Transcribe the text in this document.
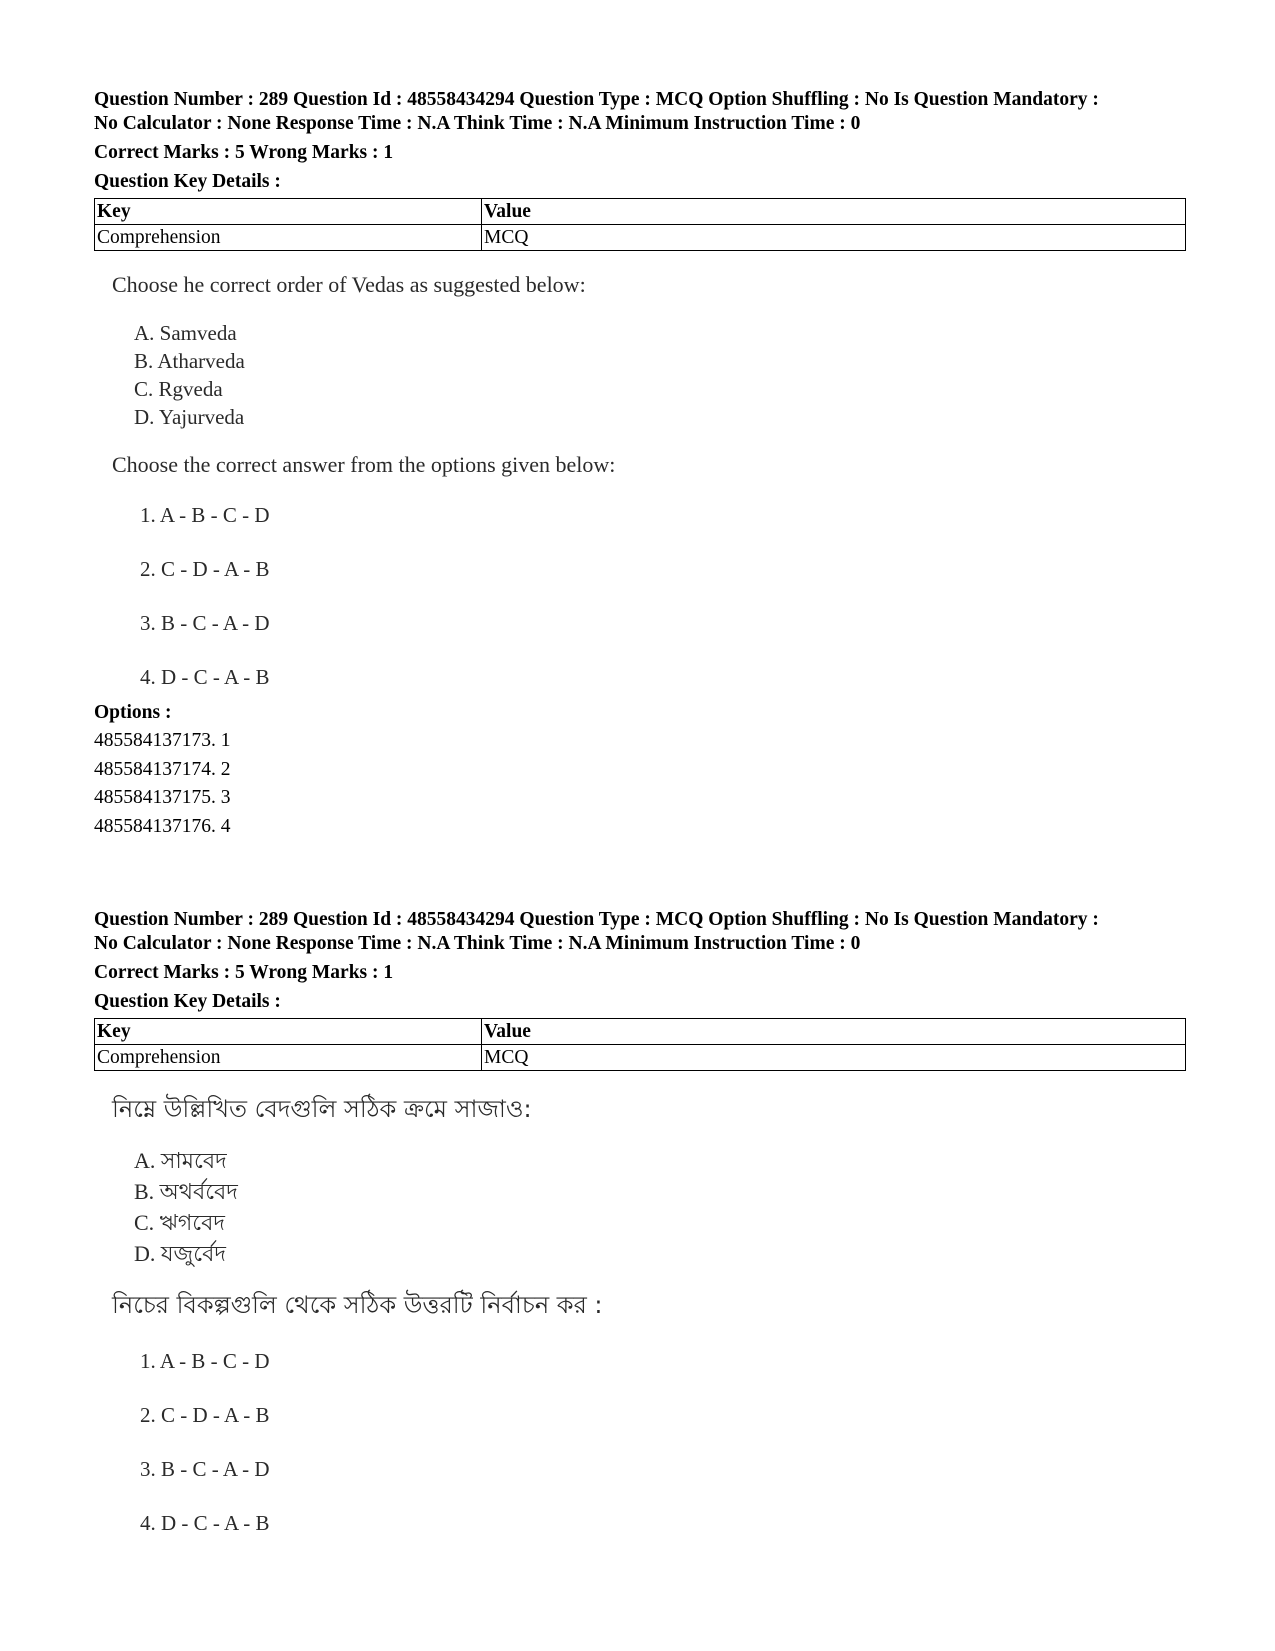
Question Number : 289 Question Id : 48558434294 Question Type : MCQ Option Shuffling : No Is Question Mandatory :
No Calculator : None Response Time : N.A Think Time : N.A Minimum Instruction Time : 0
Correct Marks : 5 Wrong Marks : 1
Question Key Details :
Key	Value
Comprehension	MCQ
Choose he correct order of Vedas as suggested below:
A. Samveda
B. Atharveda
C. Rgveda
D. Yajurveda
Choose the correct answer from the options given below:
1. A - B - C - D
2. C - D - A - B
3. B - C - A - D
4. D - C - A - B
Options :
485584137173. 1
485584137174. 2
485584137175. 3
485584137176. 4
Question Number : 289 Question Id : 48558434294 Question Type : MCQ Option Shuffling : No Is Question Mandatory :
No Calculator : None Response Time : N.A Think Time : N.A Minimum Instruction Time : 0
Correct Marks : 5 Wrong Marks : 1
Question Key Details :
Key	Value
Comprehension	MCQ
নিম্নে উল্লিখিত বেদগুলি সঠিক ক্রমে সাজাও:
A. সামবেদ
B. অথর্ববেদ
C. ঋগবেদ
D. যজুর্বেদ
নিচের বিকল্পগুলি থেকে সঠিক উত্তরটি নির্বাচন কর :
1. A - B - C - D
2. C - D - A - B
3. B - C - A - D
4. D - C - A - B
